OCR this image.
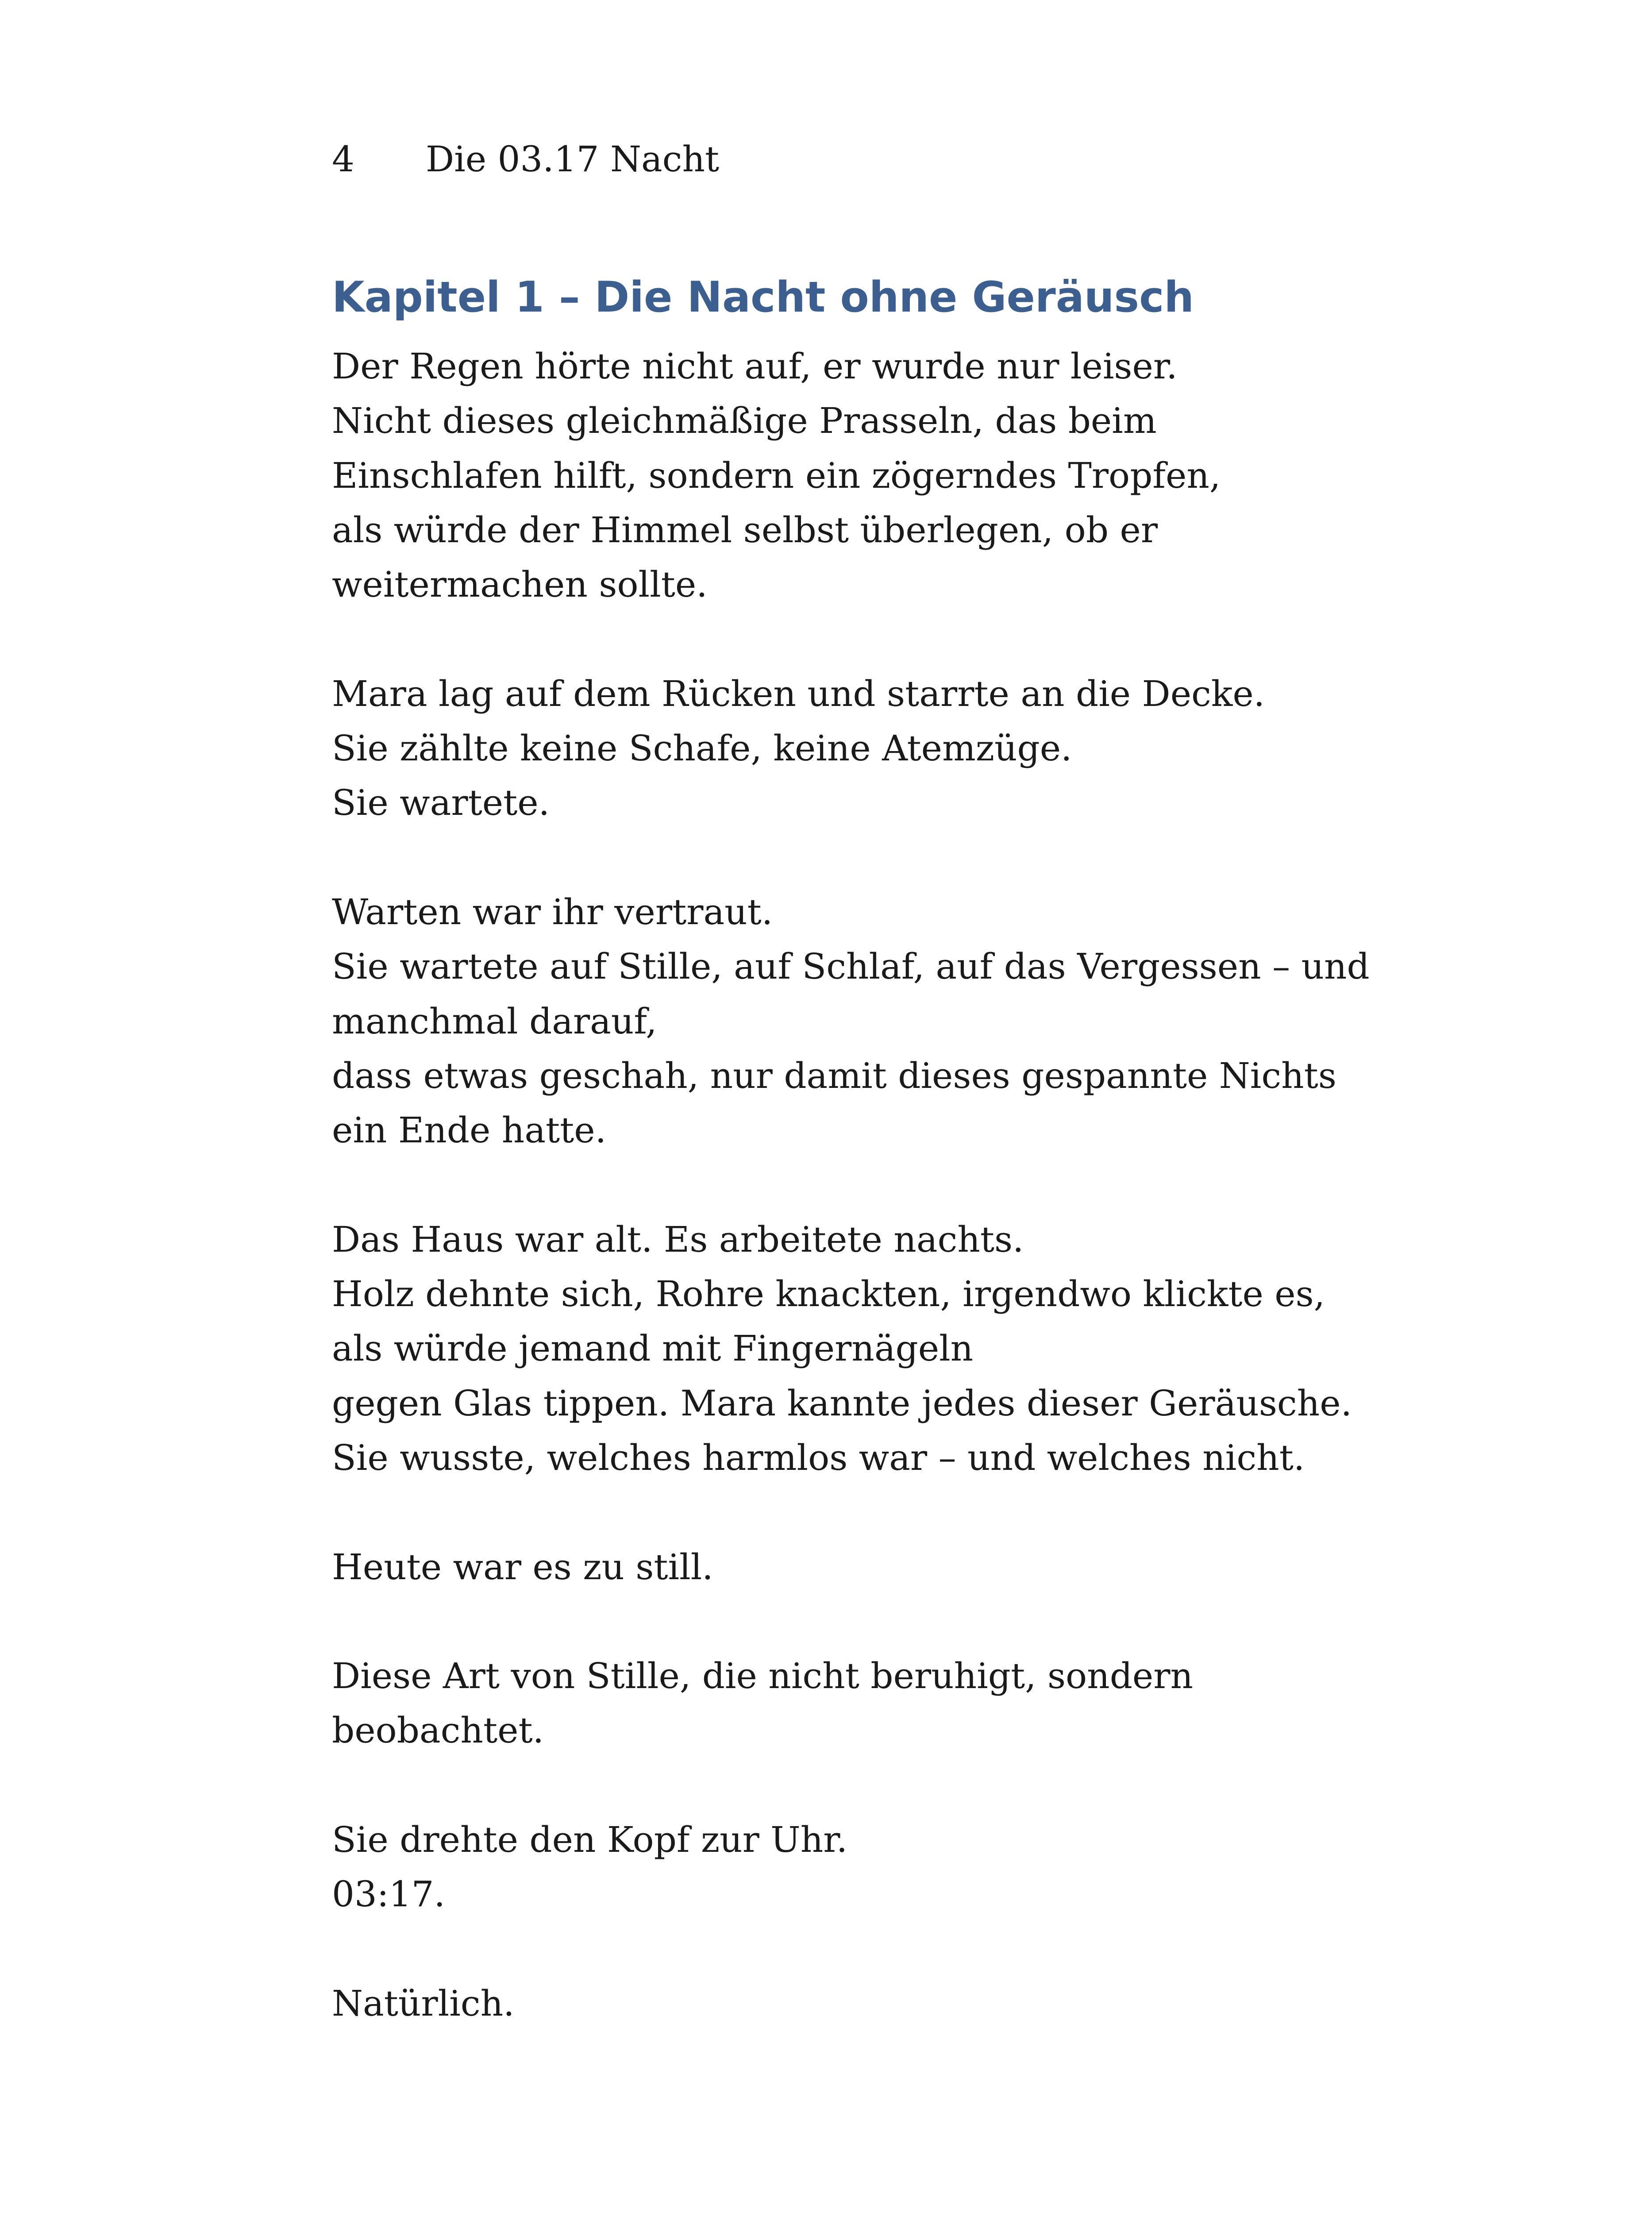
4	Die 03.17 Nacht
Kapitel 1 – Die Nacht ohne Geräusch
Der Regen hörte nicht auf, er wurde nur leiser.
Nicht dieses gleichmäßige Prasseln, das beim
Einschlafen hilft, sondern ein zögerndes Tropfen,
als würde der Himmel selbst überlegen, ob er
weitermachen sollte.
Mara lag auf dem Rücken und starrte an die Decke.
Sie zählte keine Schafe, keine Atemzüge.
Sie wartete.
Warten war ihr vertraut.
Sie wartete auf Stille, auf Schlaf, auf das Vergessen – und
manchmal darauf,
dass etwas geschah, nur damit dieses gespannte Nichts
ein Ende hatte.
Das Haus war alt. Es arbeitete nachts.
Holz dehnte sich, Rohre knackten, irgendwo klickte es,
als würde jemand mit Fingernägeln
gegen Glas tippen. Mara kannte jedes dieser Geräusche.
Sie wusste, welches harmlos war – und welches nicht.
Heute war es zu still.
Diese Art von Stille, die nicht beruhigt, sondern
beobachtet.
Sie drehte den Kopf zur Uhr.
03:17.
Natürlich.
